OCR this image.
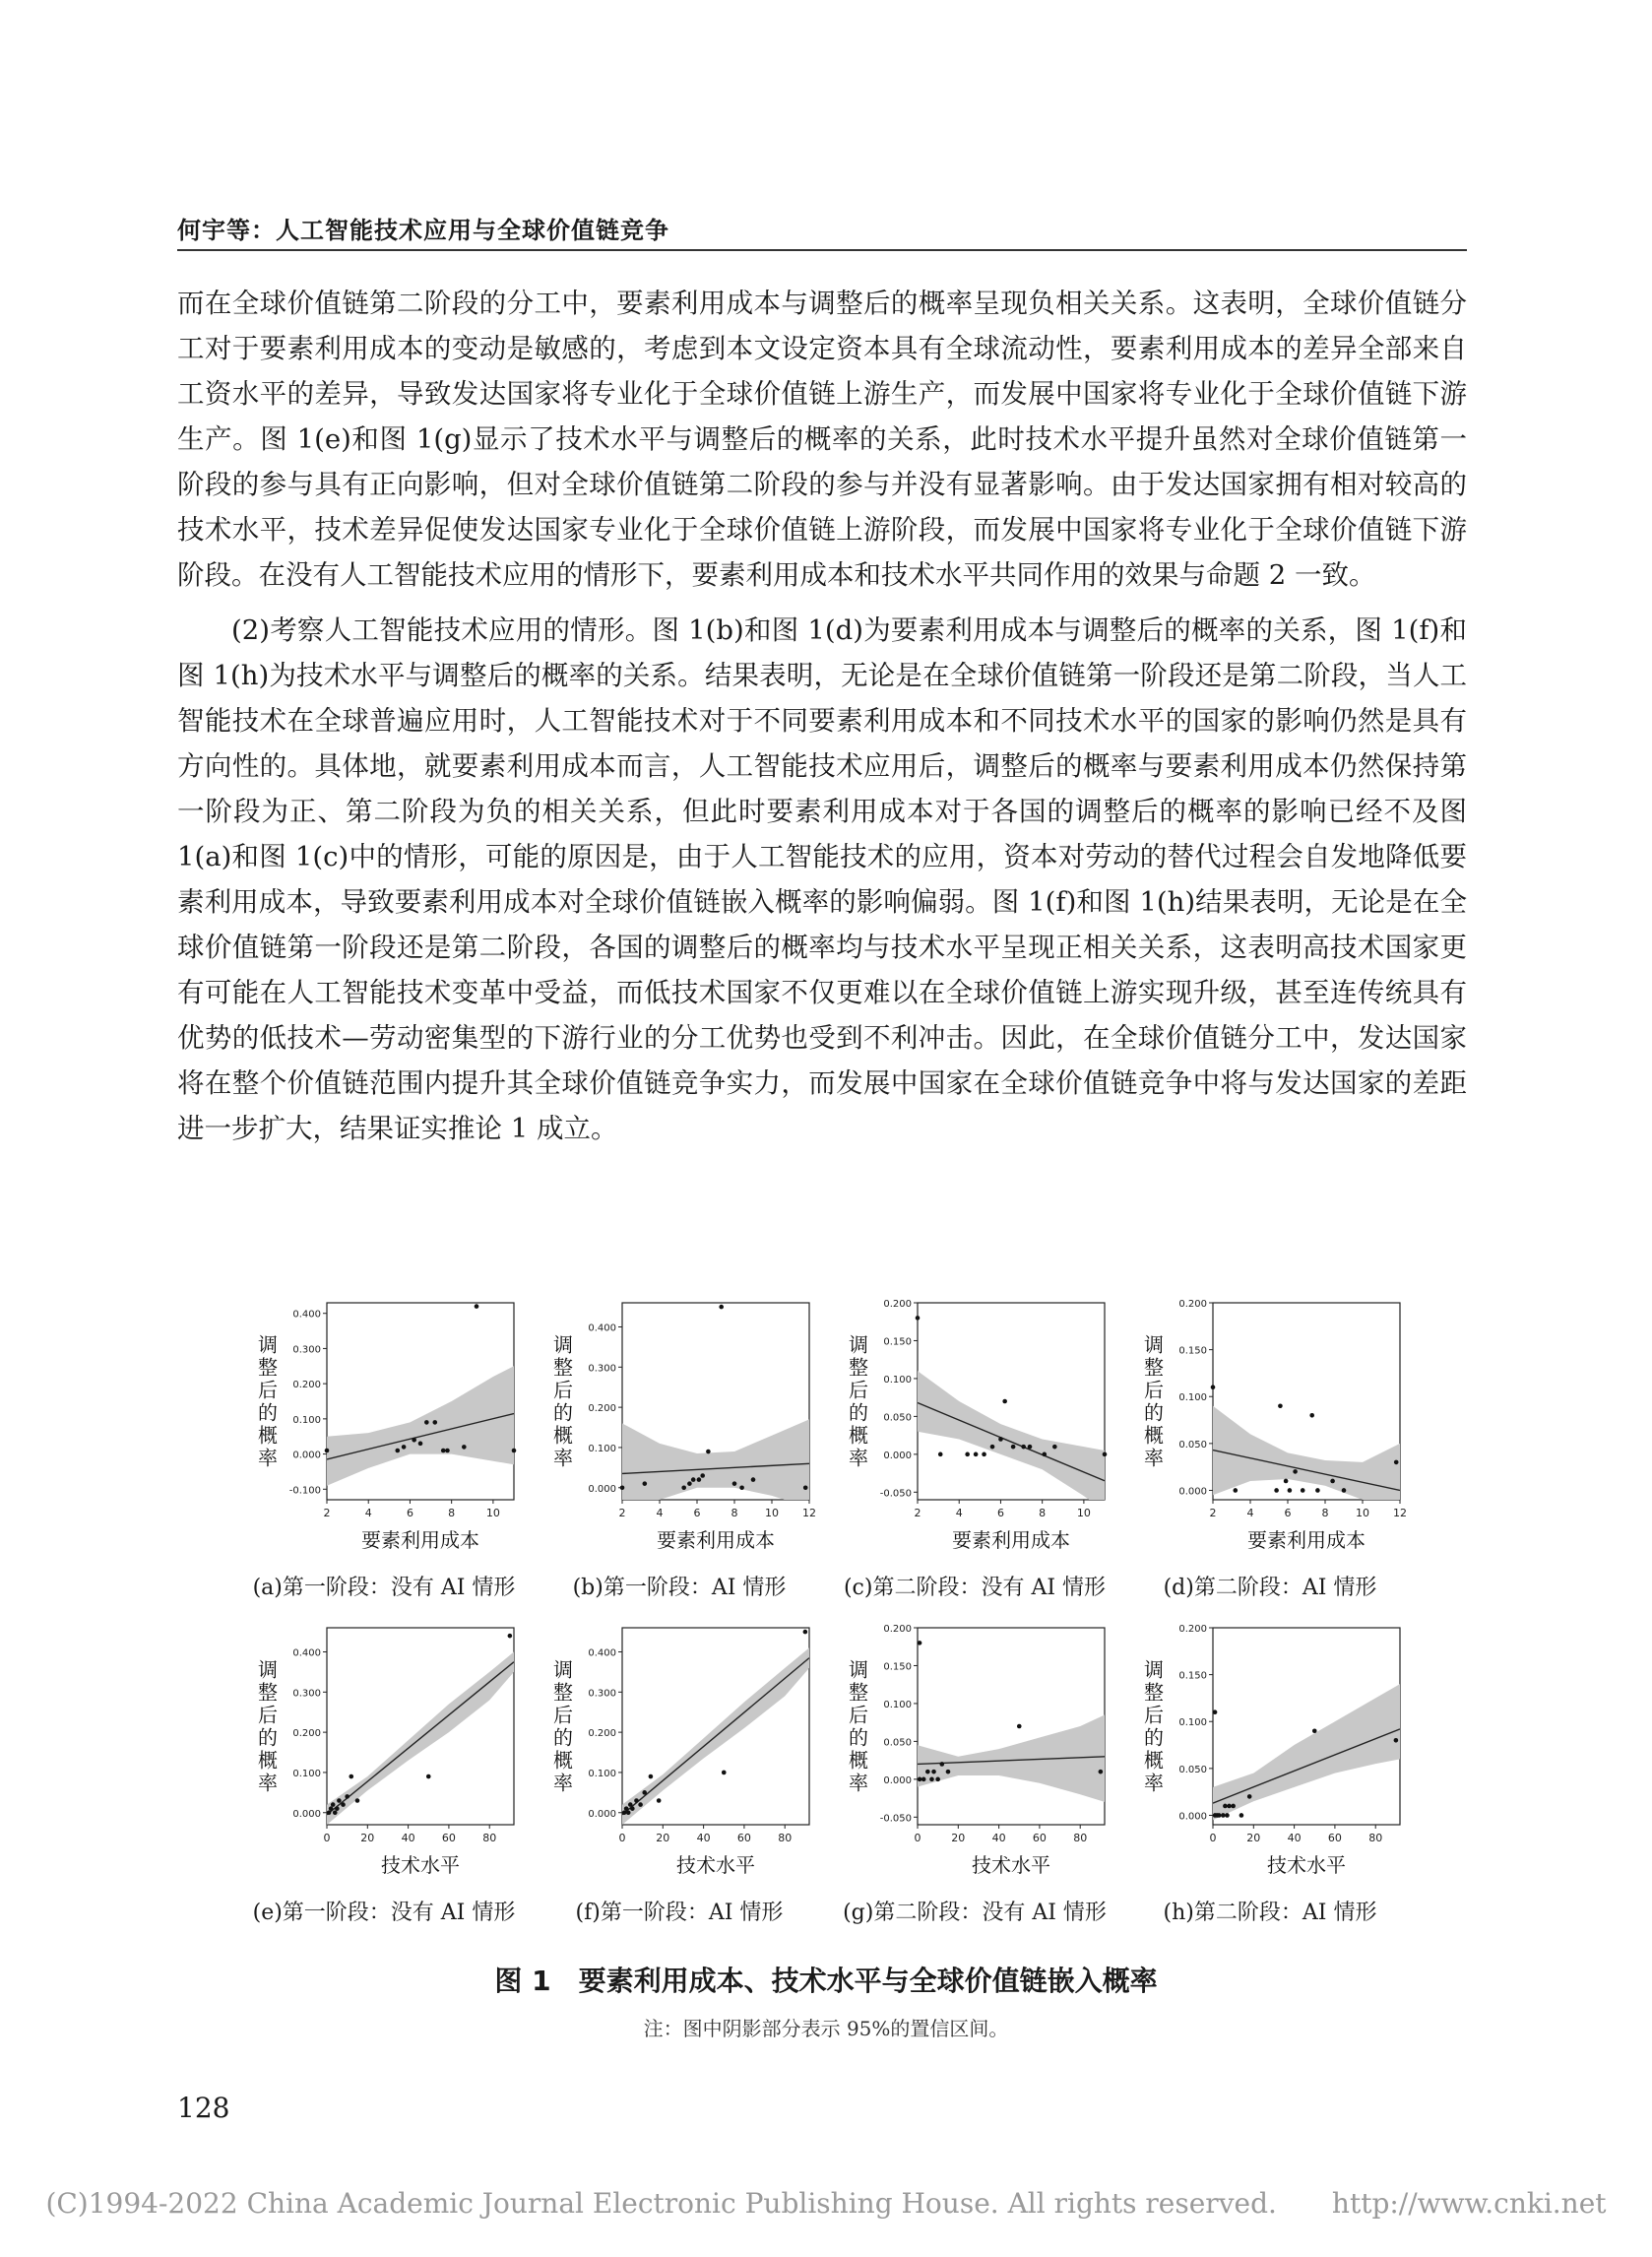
何宇等：人工智能技术应用与全球价值链竞争

而在全球价值链第二阶段的分工中，要素利用成本与调整后的概率呈现负相关关系。这表明，全球价值链分工对于要素利用成本的变动是敏感的，考虑到本文设定资本具有全球流动性，要素利用成本的差异全部来自工资水平的差异，导致发达国家将专业化于全球价值链上游生产，而发展中国家将专业化于全球价值链下游生产。图 1(e)和图 1(g)显示了技术水平与调整后的概率的关系，此时技术水平提升虽然对全球价值链第一阶段的参与具有正向影响，但对全球价值链第二阶段的参与并没有显著影响。由于发达国家拥有相对较高的技术水平，技术差异促使发达国家专业化于全球价值链上游阶段，而发展中国家将专业化于全球价值链下游阶段。在没有人工智能技术应用的情形下，要素利用成本和技术水平共同作用的效果与命题 2 一致。

(2)考察人工智能技术应用的情形。图 1(b)和图 1(d)为要素利用成本与调整后的概率的关系，图 1(f)和图 1(h)为技术水平与调整后的概率的关系。结果表明，无论是在全球价值链第一阶段还是第二阶段，当人工智能技术在全球普遍应用时，人工智能技术对于不同要素利用成本和不同技术水平的国家的影响仍然是具有方向性的。具体地，就要素利用成本而言，人工智能技术应用后，调整后的概率与要素利用成本仍然保持第一阶段为正、第二阶段为负的相关关系，但此时要素利用成本对于各国的调整后的概率的影响已经不及图 1(a)和图 1(c)中的情形，可能的原因是，由于人工智能技术的应用，资本对劳动的替代过程会自发地降低要素利用成本，导致要素利用成本对全球价值链嵌入概率的影响偏弱。图 1(f)和图 1(h)结果表明，无论是在全球价值链第一阶段还是第二阶段，各国的调整后的概率均与技术水平呈现正相关关系，这表明高技术国家更有可能在人工智能技术变革中受益，而低技术国家不仅更难以在全球价值链上游实现升级，甚至连传统具有优势的低技术—劳动密集型的下游行业的分工优势也受到不利冲击。因此，在全球价值链分工中，发达国家将在整个价值链范围内提升其全球价值链竞争实力，而发展中国家在全球价值链竞争中将与发达国家的差距进一步扩大，结果证实推论 1 成立。

-0.100
0.000
0.100
0.200
0.300
0.400
2	4	6	8	10
要素利用成本
调
整
后
的
概
率
(a)第一阶段：没有 AI 情形
0.000
0.100
0.200
0.300
0.400
2	4	6	8	10 12
要素利用成本
调
整
后
的
概
率
(b)第一阶段：AI 情形
-0.050
0.000
0.050
0.100
0.150
0.200
2	4	6	8	10
要素利用成本
调
整
后
的
概
率
(c)第二阶段：没有 AI 情形
0.000
0.050
0.100
0.150
0.200
2	4	6	8	10 12
要素利用成本
调
整
后
的
概
率
(d)第二阶段：AI 情形
0.000
0.100
0.200
0.300
0.400
0	20 40 60 80
技术水平
调
整
后
的
概
率
(e)第一阶段：没有 AI 情形
0.000
0.100
0.200
0.300
0.400
0	20 40 60 80
技术水平
调
整
后
的
概
率
(f)第一阶段：AI 情形
-0.050
0.000
0.050
0.100
0.150
0.200
0	20 40 60 80
技术水平
调
整
后
的
概
率
(g)第二阶段：没有 AI 情形
0.000
0.050
0.100
0.150
0.200
0	20 40 60 80
技术水平
调
整
后
的
概
率
(h)第二阶段：AI 情形
图 1　要素利用成本、技术水平与全球价值链嵌入概率
注：图中阴影部分表示 95%的置信区间。
128
(C)1994-2022 China Academic Journal Electronic Publishing House. All rights reserved.　　http://www.cnki.net
